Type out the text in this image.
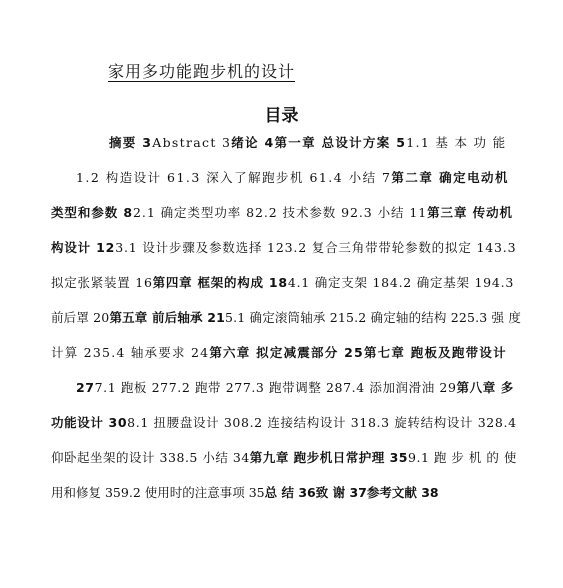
家用多功能跑步机的设计
目录
摘要 3Abstract 3绪论 4第一章 总设计方案 51.1 基 本 功 能
1.2 构造设计 61.3 深入了解跑步机 61.4 小结 7第二章 确定电动机
类型和参数 82.1 确定类型功率 82.2 技术参数 92.3 小结 11第三章 传动机
构设计 123.1 设计步骤及参数选择 123.2 复合三角带带轮参数的拟定 143.3
拟定张紧装置 16第四章 框架的构成 184.1 确定支架 184.2 确定基架 194.3
前后罩 20第五章 前后轴承 215.1 确定滚筒轴承 215.2 确定轴的结构 225.3 强 度
计算 235.4 轴承要求 24第六章 拟定减震部分 25第七章 跑板及跑带设计
277.1 跑板 277.2 跑带 277.3 跑带调整 287.4 添加润滑油 29第八章 多
功能设计 308.1 扭腰盘设计 308.2 连接结构设计 318.3 旋转结构设计 328.4
仰卧起坐架的设计 338.5 小结 34第九章 跑步机日常护理 359.1 跑 步 机 的 使
用和修复 359.2 使用时的注意事项 35总 结 36致 谢 37参考文献 38
